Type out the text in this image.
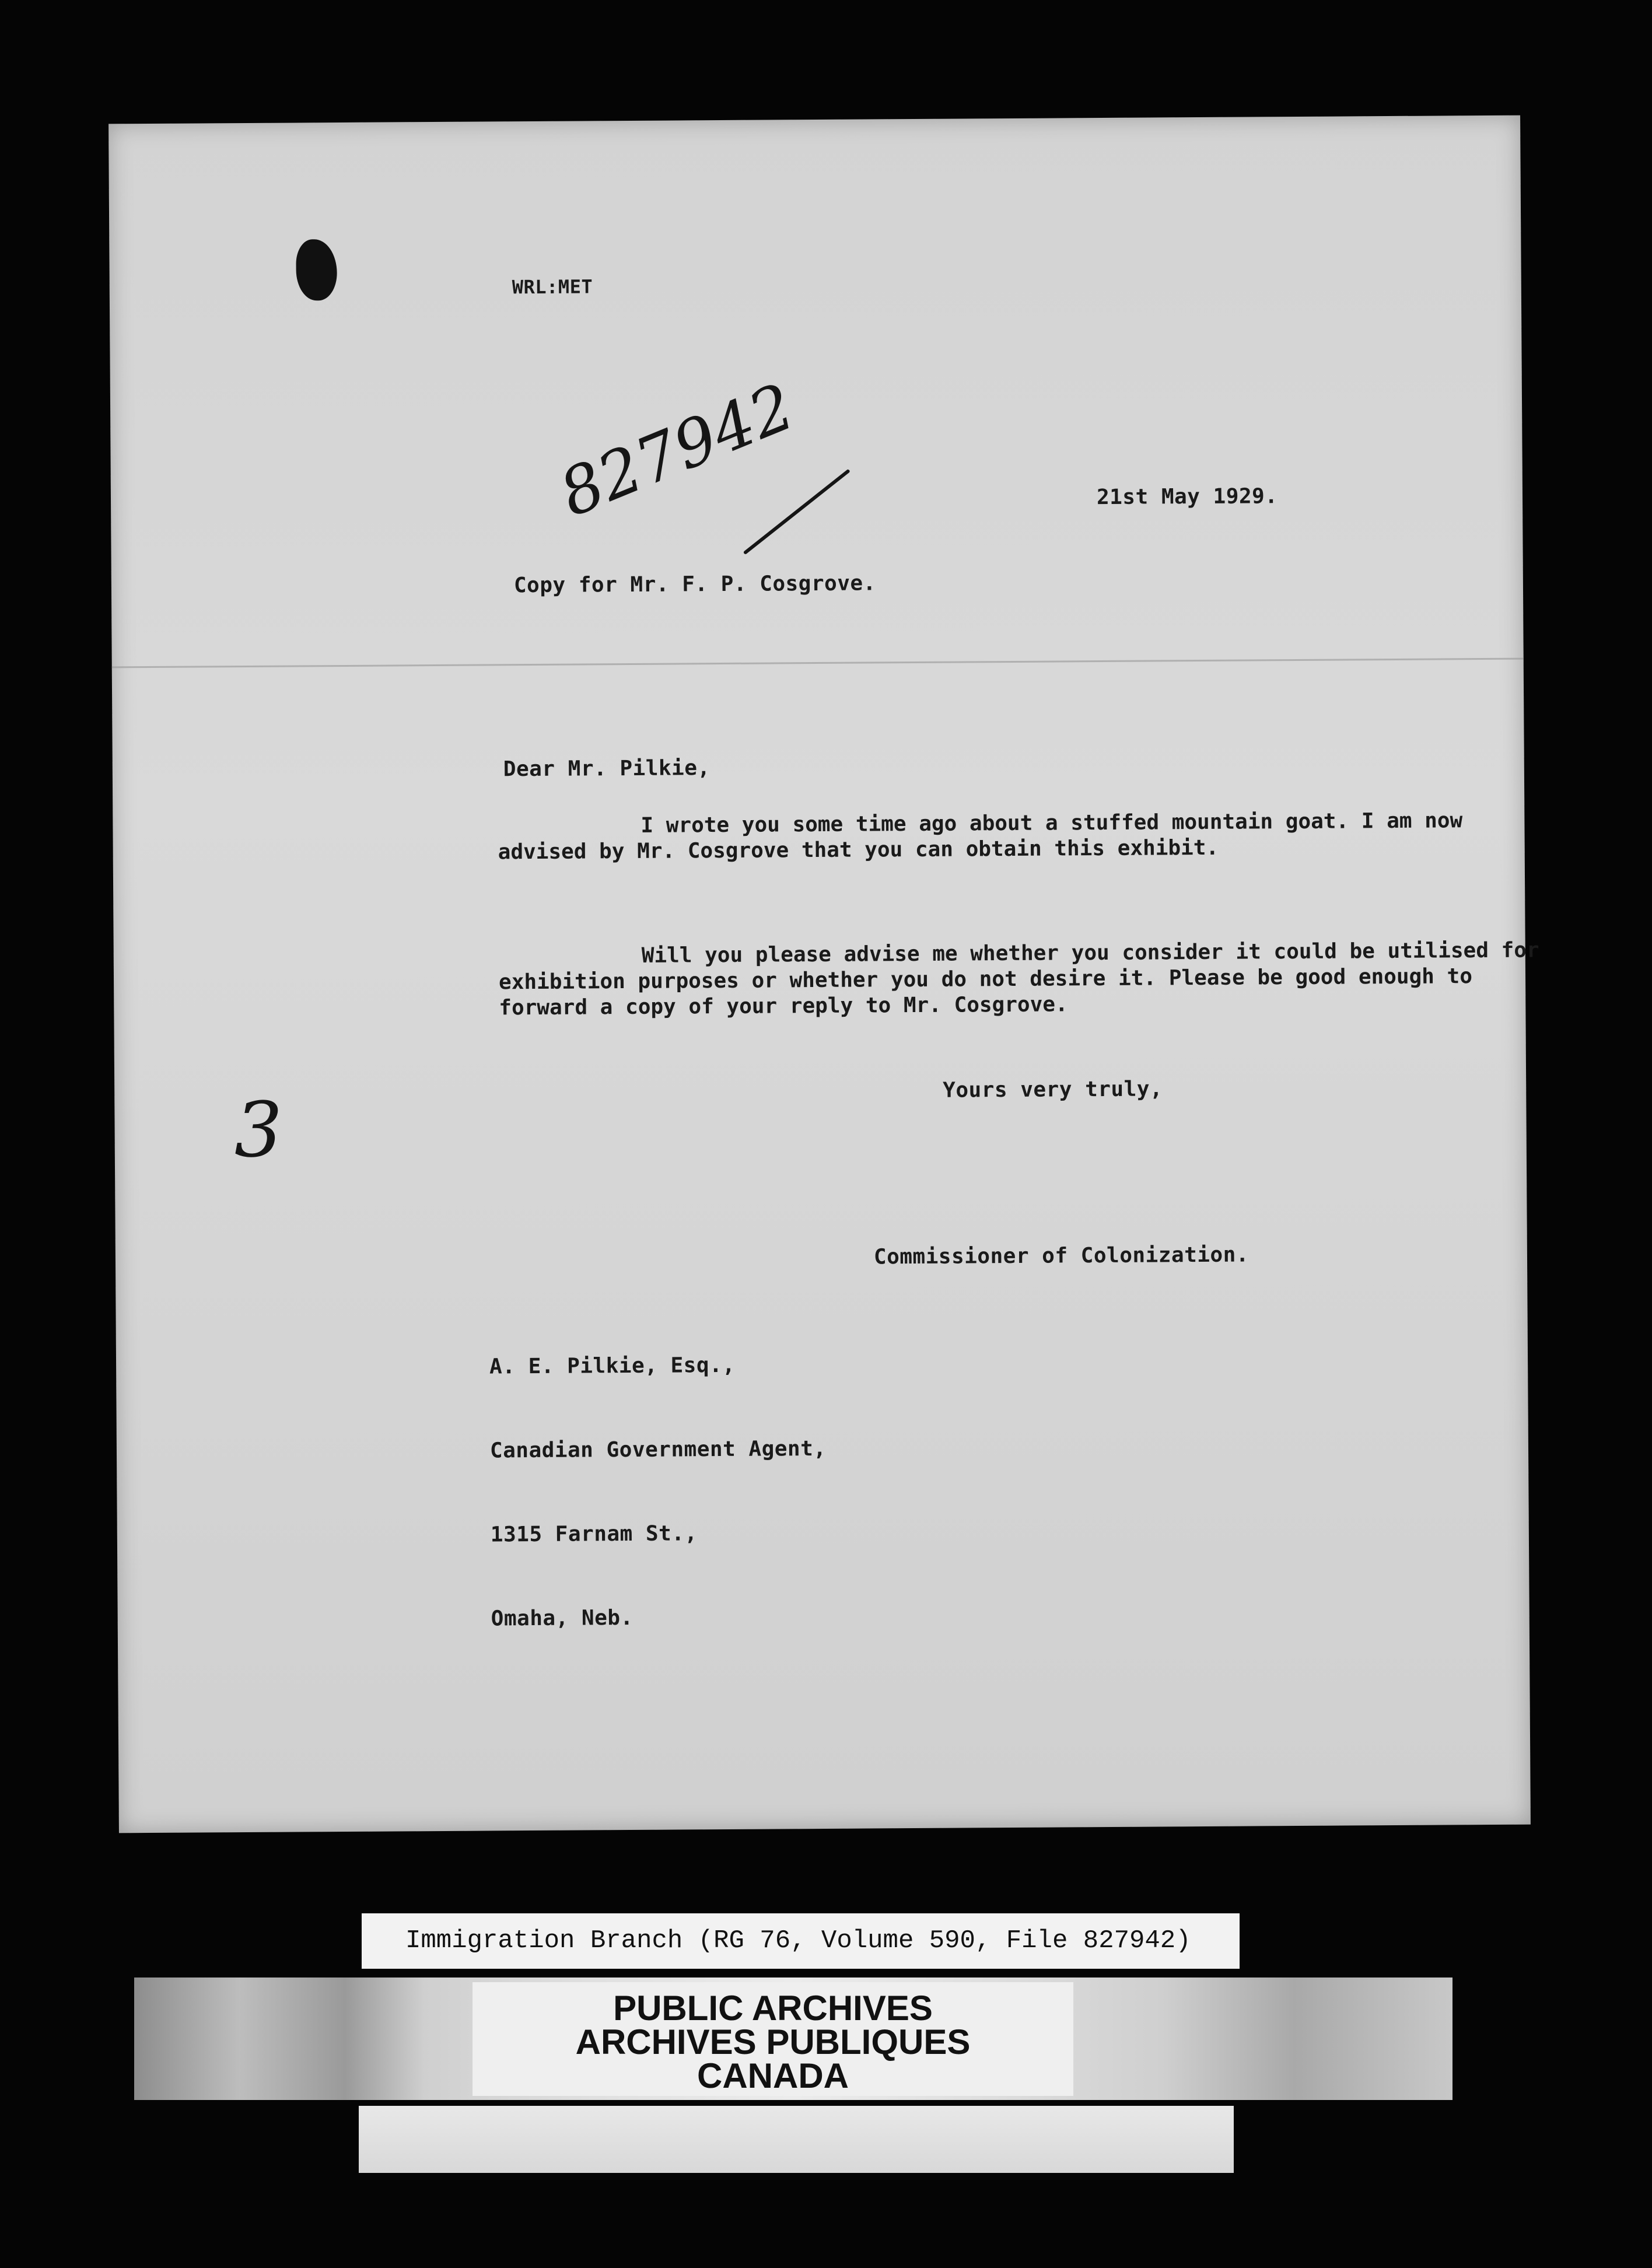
WRL:MET
827942	21st May 1929.
Copy for Mr. F. P. Cosgrove.
Dear Mr. Pilkie,

I wrote you some time ago about a stuffed mountain goat. I am now advised by Mr. Cosgrove that you can obtain this exhibit.

Will you please advise me whether you consider it could be utilised for exhibition purposes or whether you do not desire it. Please be good enough to forward a copy of your reply to Mr. Cosgrove.

Yours very truly,
3
Commissioner of Colonization.

A. E. Pilkie, Esq.,

Canadian Government Agent,

1315 Farnam St.,

Omaha, Neb.

Immigration Branch (RG 76, Volume 590, File 827942)
PUBLIC ARCHIVES
ARCHIVES PUBLIQUES
CANADA
